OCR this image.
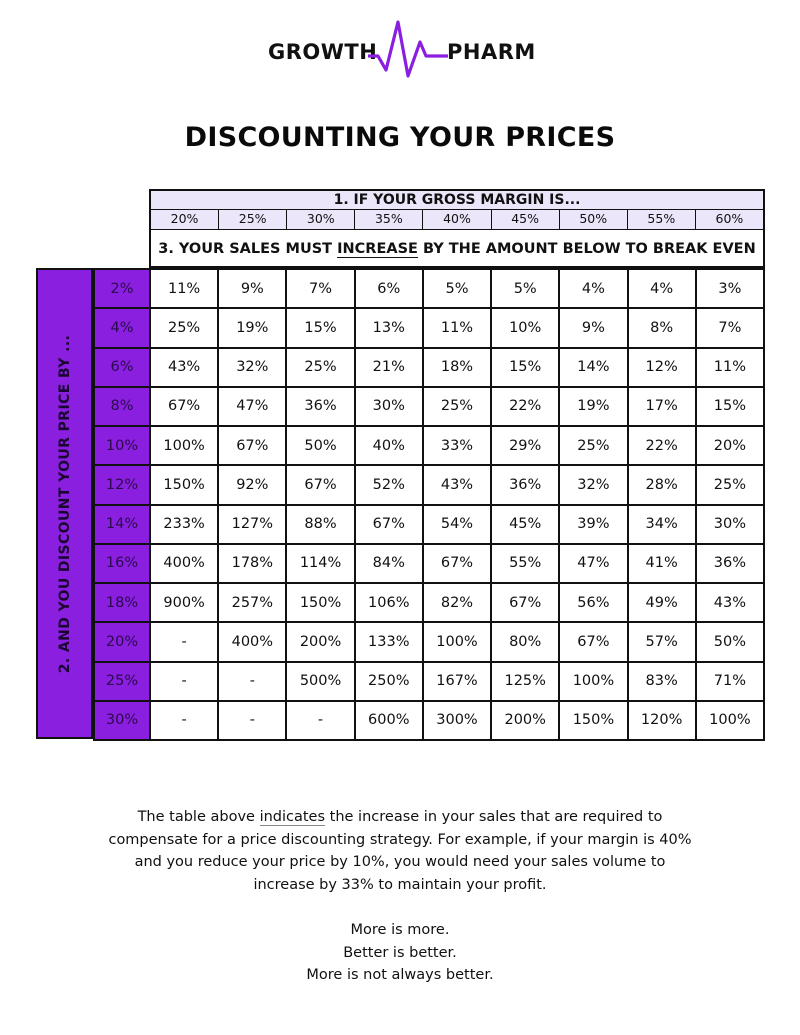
GROWTH	PHARM
DISCOUNTING YOUR PRICES
1. IF YOUR GROSS MARGIN IS...
20%	25%	30%	35%	40%	45%	50%	55%	60%
3. YOUR SALES MUST INCREASE BY THE AMOUNT BELOW TO BREAK EVEN
2. AND YOU DISCOUNT YOUR PRICE BY ...
2%	11%	9%	7%	6%	5%	5%	4%	4%	3%
4%	25%	19%	15%	13%	11%	10%	9%	8%	7%
6%	43%	32%	25%	21%	18%	15%	14%	12%	11%
8%	67%	47%	36%	30%	25%	22%	19%	17%	15%
10%	100%	67%	50%	40%	33%	29%	25%	22%	20%
12%	150%	92%	67%	52%	43%	36%	32%	28%	25%
14%	233%	127%	88%	67%	54%	45%	39%	34%	30%
16%	400%	178%	114%	84%	67%	55%	47%	41%	36%
18%	900%	257%	150%	106%	82%	67%	56%	49%	43%
20%	-	400%	200%	133%	100%	80%	67%	57%	50%
25%	-	-	500%	250%	167%	125%	100%	83%	71%
30%	-	-	-	600%	300%	200%	150%	120%	100%
The table above indicates the increase in your sales that are required to
compensate for a price discounting strategy. For example, if your margin is 40%
and you reduce your price by 10%, you would need your sales volume to
increase by 33% to maintain your profit.
More is more.
Better is better.
More is not always better.
